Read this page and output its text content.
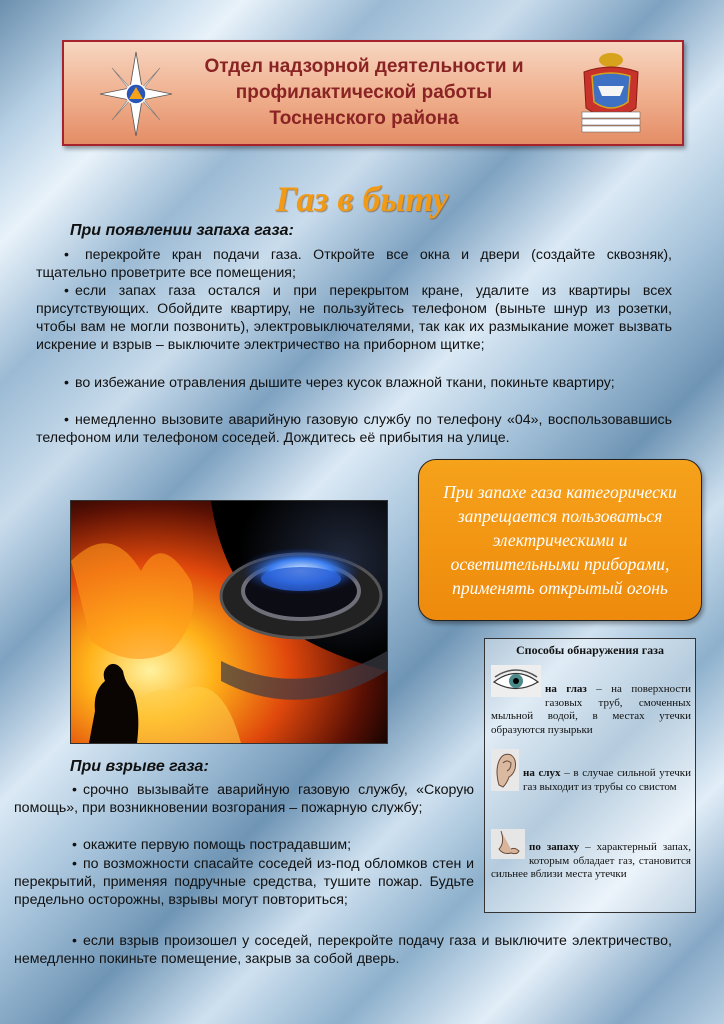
Отдел надзорной деятельности и
профилактической работы
Тосненского района
Газ в быту
При появлении запаха газа:

• перекройте кран подачи газа. Откройте все окна и двери (создайте сквозняк), тщательно проветрите все помещения;

• если запах газа остался и при перекрытом кране, удалите из квартиры всех присутствующих. Обойдите квартиру, не пользуйтесь телефоном (выньте шнур из розетки, чтобы вам не могли позвонить), электровыключателями, так как их размыкание может вызвать искрение и взрыв – выключите электричество на приборном щитке;

• во избежание отравления дышите через кусок влажной ткани, покиньте квартиру;

• немедленно вызовите аварийную газовую службу по телефону «04», воспользовавшись телефоном или телефоном соседей. Дождитесь её прибытия на улице.

При запахе газа категорически запрещается пользоваться электрическими и осветительными приборами, применять открытый огонь
Способы обнаружения газа
на глаз – на поверхности газовых труб, смоченных мыльной водой, в местах утечки образуются пузырьки
на слух – в случае сильной утечки газ выходит из трубы со свистом
по запаху – характерный запах, которым обладает газ, становится сильнее вблизи места утечки
При взрыве газа:

• срочно вызывайте аварийную газовую службу, «Скорую помощь», при возникновении возгорания – пожарную службу;

• окажите первую помощь пострадавшим;

• по возможности спасайте соседей из-под обломков стен и перекрытий, применяя подручные средства, тушите пожар. Будьте предельно осторожны, взрывы могут повториться;

• если взрыв произошел у соседей, перекройте подачу газа и выключите электричество, немедленно покиньте помещение, закрыв за собой дверь.
